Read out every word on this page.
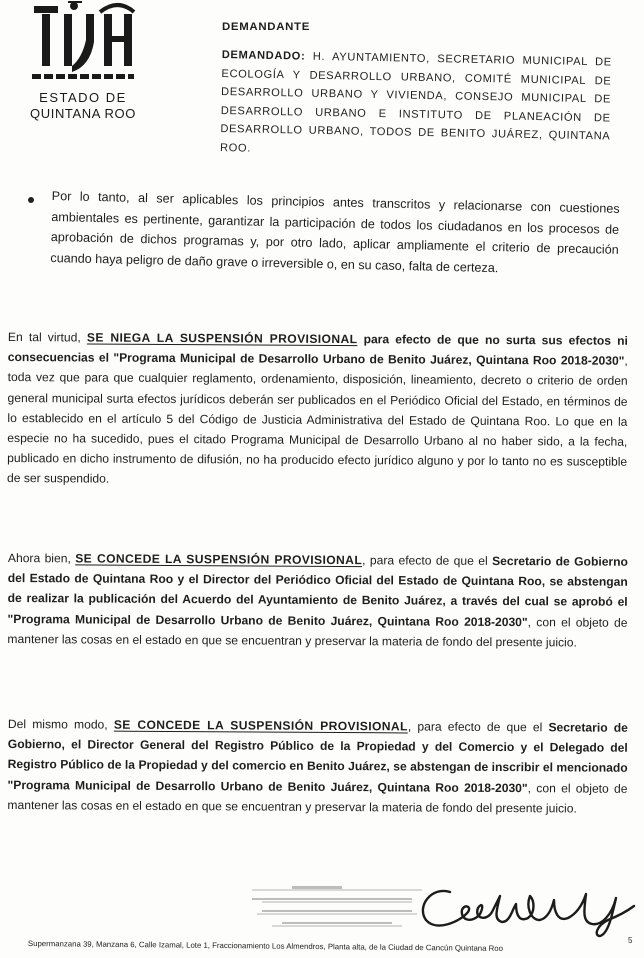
ESTADO DE
QUINTANA ROO
DEMANDANTE
DEMANDADO: H. AYUNTAMIENTO, SECRETARIO MUNICIPAL DE ECOLOGÍA Y DESARROLLO URBANO, COMITÉ MUNICIPAL DE DESARROLLO URBANO Y VIVIENDA, CONSEJO MUNICIPAL DE DESARROLLO URBANO E INSTITUTO DE PLANEACIÓN DE DESARROLLO URBANO, TODOS DE BENITO JUÁREZ, QUINTANA ROO.
Por lo tanto, al ser aplicables los principios antes transcritos y relacionarse con cuestiones ambientales es pertinente, garantizar la participación de todos los ciudadanos en los procesos de aprobación de dichos programas y, por otro lado, aplicar ampliamente el criterio de precaución cuando haya peligro de daño grave o irreversible o, en su caso, falta de certeza.
En tal virtud, SE NIEGA LA SUSPENSIÓN PROVISIONAL para efecto de que no surta sus efectos ni consecuencias el "Programa Municipal de Desarrollo Urbano de Benito Juárez, Quintana Roo 2018-2030", toda vez que para que cualquier reglamento, ordenamiento, disposición, lineamiento, decreto o criterio de orden general municipal surta efectos jurídicos deberán ser publicados en el Periódico Oficial del Estado, en términos de lo establecido en el artículo 5 del Código de Justicia Administrativa del Estado de Quintana Roo. Lo que en la especie no ha sucedido, pues el citado Programa Municipal de Desarrollo Urbano al no haber sido, a la fecha, publicado en dicho instrumento de difusión, no ha producido efecto jurídico alguno y por lo tanto no es susceptible de ser suspendido.
Ahora bien, SE CONCEDE LA SUSPENSIÓN PROVISIONAL, para efecto de que el Secretario de Gobierno del Estado de Quintana Roo y el Director del Periódico Oficial del Estado de Quintana Roo, se abstengan de realizar la publicación del Acuerdo del Ayuntamiento de Benito Juárez, a través del cual se aprobó el "Programa Municipal de Desarrollo Urbano de Benito Juárez, Quintana Roo 2018-2030", con el objeto de mantener las cosas en el estado en que se encuentran y preservar la materia de fondo del presente juicio.
Del mismo modo, SE CONCEDE LA SUSPENSIÓN PROVISIONAL, para efecto de que el Secretario de Gobierno, el Director General del Registro Público de la Propiedad y del Comercio y el Delegado del Registro Público de la Propiedad y del comercio en Benito Juárez, se abstengan de inscribir el mencionado "Programa Municipal de Desarrollo Urbano de Benito Juárez, Quintana Roo 2018-2030", con el objeto de mantener las cosas en el estado en que se encuentran y preservar la materia de fondo del presente juicio.
Supermanzana 39, Manzana 6, Calle Izamal, Lote 1, Fraccionamiento Los Almendros, Planta alta, de la Ciudad de Cancún Quintana Roo	5
